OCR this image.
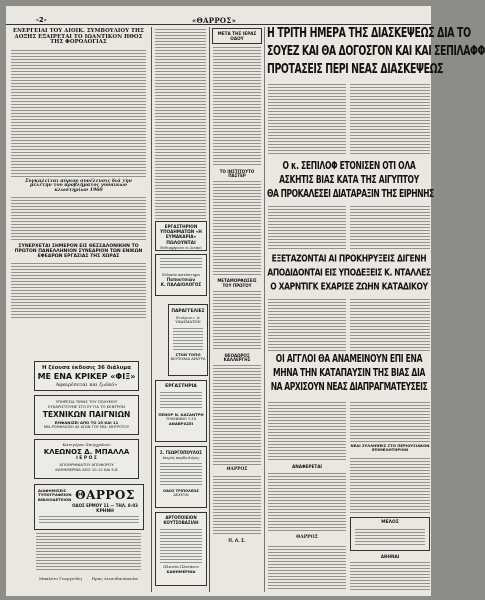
-2-	«ΘΑΡΡΟΣ»
ΕΝΕΡΓΕΙΑΙ ΤΟΥ ΔΙΟΙΚ. ΣΥΜΒΟΥΛΙΟΥ ΤΗΣ ΔΟΞΗΣ ΕΞΑΙΡΕΤΑΙ ΤΟ ΙΩΑΝΤΙΚΟΝ ΗΘΟΣ ΤΗΣ ΦΟΡΟΛΟΓΙΑΣ
Συγκαλείται αύριον συνέλευσις διά την μελέτην του προβλήματος γυναικών κλωστηρίων 1960
ΣΥΝΕΡΧΕΤΑΙ ΣΗΜΕΡΟΝ ΕΙΣ ΘΕΣΣΑΛΟΝΙΚΗΝ ΤΟ ΠΡΩΤΟΝ ΠΑΝΕΛΛΗΝΙΟΝ ΣΥΝΕΔΡΙΟΝ ΤΩΝ ΕΝΙΚΩΝ ΕΦΕΔΡΩΝ ΕΡΓΑΣΙΑΣ ΤΗΣ ΧΩΡΑΣ
Η ζέουσα έκδοσις 36 διάλυμα
ΜΕ ΕΝΑ ΚΡΙΚΕΡ «ΦΙΞ»
Αφαιρέσεται και ζωϊκό»
ΥΠΗΡΕΣΙΑ ΤΙΜΗΣ ΤΟΥ ΠΟΛΥΜΟΥ
ΕΥΧΑΡΙΣΤΟΥΜΕ ΣΤΟ ΕΥ ΓΙΑ ΤΟ ΚΕΝΤΡΟΝ
ΤΕΧΝΙΚΩΝ ΠΑΙΓΝΙΩΝ
ΕΜΦΑΝΙΖΕΙ ΑΠΟ ΤΟ 10 ΚΑΙ 11
ΜΙΧ.ΡΟΜΗΛΙΟΣΗ 40 ΑΓΩΝ ΤΟΥ ΜΙΧ. ΜΗΤΡΟΤΟΥ
Κατεγόρου Σπυγχρόνου
ΚΛΕΩΝΟΣ Δ. ΜΠΑΛΛΑ
Ι Ε Ρ Ο Σ
ΑΓΙΟΘΡΗΝΙΑΤΟΥ ΑΠΟΦΟΡΟΥ
ΚΑΘΗΜΕΡΙΝΑ ΑΠΟ 10-12 ΚΑΙ 5-8
ΔΙΑΦΗΜΙΣΕΙΣ ΤΥΠΟΓΡΑΦΕΙΟΝ ΒΙΒΛΙΟΔΕΤΕΙΟΝ ΘΑΡΡΟΣ
ΟΔΟΣ ΕΡΜΟΥ 11 — ΤΗΛ. 8-03
ΚΡΗΝΗ
Μπαλέτο Γεωργούλη        Ώρας Λεωνιδαιόπουλα
ΕΡΓΑΣΤΗΡΙΟΝ ΥΠΟΔΗΜΑΤΩΝ «Η ΕΥΜΑΚΑΡΙΑ»
ΠΩΛΟΥΝΤΑΙ
Ενδιαφέρουν οι λοιποί
Ειδικόν κατάστημα
Παπουτσιών
Κ. ΠΑΛΑΙΟΛΟΓΟΣ
ΠΑΡΑΓΓΕΛΙΕΣ
Ετοίμων ι. & ΥΦΑΣΜΑΤΩΝ
ΣΤΟΝ ΤΟΠΟ
ΒΙΟΤΕΧΝΙΑ ΔΕΝΤΡΑ
ΕΡΓΑΣΤΗΡΙΑ
ΠΕΝΟΡ Ν. ΚΑΣΑΝΤΡΗ
ΤΗΛΕΦΩΝΟ 7-20
ΑΝΑΒΡΑΣΕΙ
Σ. ΓΕΩΡΓΟΠΟΥΛΟΣ
Ιατρός καρδιολόγος
ΟΔΟΣ ΤΡΙΠΟΛΕΩΣ
ΔΕΧΕΤΑΙ
ΑΡΤΟΠΟΙΕΙΟΝ ΚΟΥΤΣΟΒΑΣΙΛΗ
Πλατεία Πλατάνου
ΚΑΘΗΜΕΡΙΝΑ
ΜΕΤΑ ΤΗΣ ΙΕΡΑΣ ΟΔΟΥ
ΤΟ ΙΝΣΤΙΤΟΥΤΟ ΠΑΣΤΕΡ
ΜΕΤΑΜΟΡΦΩΣΕΙΣ ΤΟΥ ΠΡΩΤΟΥ
ΘΕΟΔΩΡΟΣ ΚΑΛΛΕΡΓΗΣ
ΘΑΡΡΟΣ
Π. Λ. Σ.
Η ΤΡΙΤΗ ΗΜΕΡΑ ΤΗΣ ΔΙΑΣΚΕΨΕΩΣ ΔΙΑ ΤΟ
ΣΟΥΕΖ ΚΑΙ ΘΑ ΔΟΓΟΣΓΟΝ ΚΑΙ ΚΑΙ ΣΕΠΙΛΑΦΦ
ΠΡΟΤΑΣΕΙΣ ΠΕΡΙ ΝΕΑΣ ΔΙΑΣΚΕΨΕΩΣ
Ο κ. ΣΕΠΙΛΟΦ ΕΤΟΝΙΣΕΝ ΟΤΙ ΟΛΑ
ΑΣΚΗΤΙΣ ΒΙΑΣ ΚΑΤΑ ΤΗΣ ΑΙΓΥΠΤΟΥ
ΘΑ ΠΡΟΚΑΛΕΣΕΙ ΔΙΑΤΑΡΑΞΙΝ ΤΗΣ ΕΙΡΗΝΗΣ
ΕΞΕΤΑΖΟΝΤΑΙ ΑΙ ΠΡΟΚΗΡΥΞΕΙΣ ΔΙΓΕΝΗ
ΑΠΟΔΙΔΟΝΤΑΙ ΕΙΣ ΥΠΟΔΕΞΕΙΣ Κ. ΝΤΑΛΛΕΣ
Ο ΧΑΡΝΤΙΓΚ ΕΧΑΡΙΣΕ ΖΩΗΝ ΚΑΤΑΔΙΚΟΥ
ΟΙ ΑΓΓΛΟΙ ΘΑ ΑΝΑΜΕΙΝΟΥΝ ΕΠΙ ΕΝΑ
ΜΗΝΑ ΤΗΝ ΚΑΤΑΠΑΥΣΙΝ ΤΗΣ ΒΙΑΣ ΔΙΑ
ΝΑ ΑΡΧΙΣΟΥΝ ΝΕΑΣ ΔΙΑΠΡΑΓΜΑΤΕΥΣΕΙΣ
ΝΕΑΙ ΣΥΛΛΗΨΕΙΣ ΣΤΟ ΠΕΡΙΟΥΣΙΑΚΟΝ ΕΠΙΜΕΛΗΤΗΡΙΟΝ
ΑΝΑΦΕΡΕΤΑΙ
ΘΑΡΡΟΣ
ΜΕΛΟΣ
ΑΘΗΝΑΙ
